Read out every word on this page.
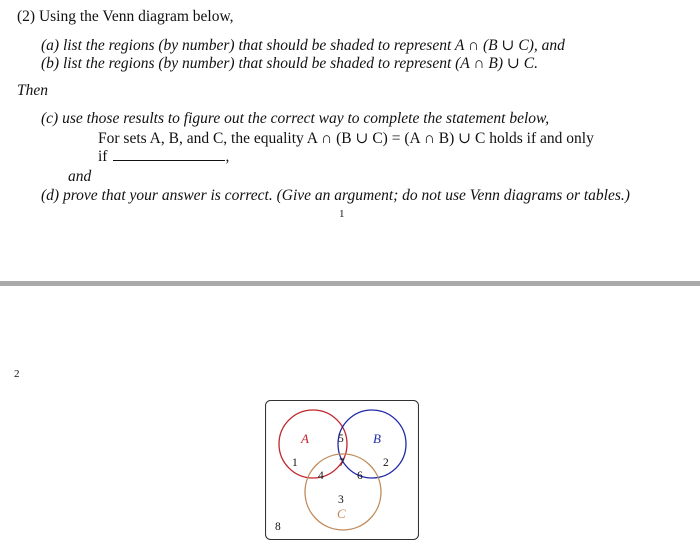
(2) Using the Venn diagram below,
(a) list the regions (by number) that should be shaded to represent A ∩ (B ∪ C), and
(b) list the regions (by number) that should be shaded to represent (A ∩ B) ∪ C.
Then
(c) use those results to figure out the correct way to complete the statement below,
For sets A, B, and C, the equality A ∩ (B ∪ C) = (A ∩ B) ∪ C holds if and only
if	,
and
(d) prove that your answer is correct. (Give an argument; do not use Venn diagrams or tables.)
1
2
A	B
C
1	2
3
4
5
6
7
8
